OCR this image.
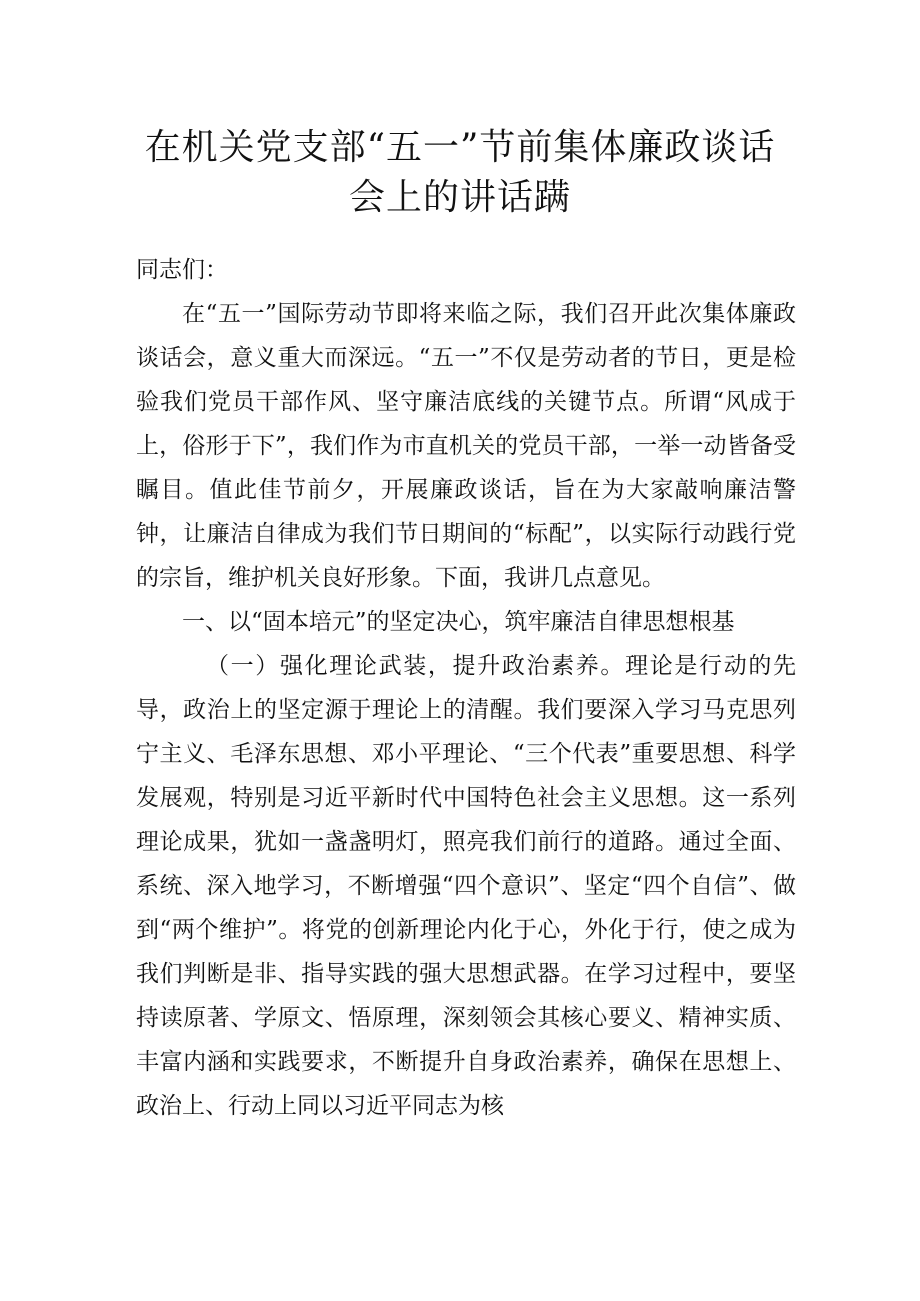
在机关党支部“五一”节前集体廉政谈话
会上的讲话蹒

同志们：

在“五一”国际劳动节即将来临之际，我们召开此次集体廉政谈话会，意义重大而深远。“五一”不仅是劳动者的节日，更是检验我们党员干部作风、坚守廉洁底线的关键节点。所谓“风成于上，俗形于下”，我们作为市直机关的党员干部，一举一动皆备受瞩目。值此佳节前夕，开展廉政谈话，旨在为大家敲响廉洁警钟，让廉洁自律成为我们节日期间的“标配”，以实际行动践行党的宗旨，维护机关良好形象。下面，我讲几点意见。

一、以“固本培元”的坚定决心，筑牢廉洁自律思想根基

（一）强化理论武装，提升政治素养。理论是行动的先导，政治上的坚定源于理论上的清醒。我们要深入学习马克思列宁主义、毛泽东思想、邓小平理论、“三个代表”重要思想、科学发展观，特别是习近平新时代中国特色社会主义思想。这一系列理论成果，犹如一盏盏明灯，照亮我们前行的道路。通过全面、系统、深入地学习，不断增强“四个意识”、坚定“四个自信”、做到“两个维护”。将党的创新理论内化于心，外化于行，使之成为我们判断是非、指导实践的强大思想武器。在学习过程中，要坚持读原著、学原文、悟原理，深刻领会其核心要义、精神实质、丰富内涵和实践要求，不断提升自身政治素养，确保在思想上、政治上、行动上同以习近平同志为核
